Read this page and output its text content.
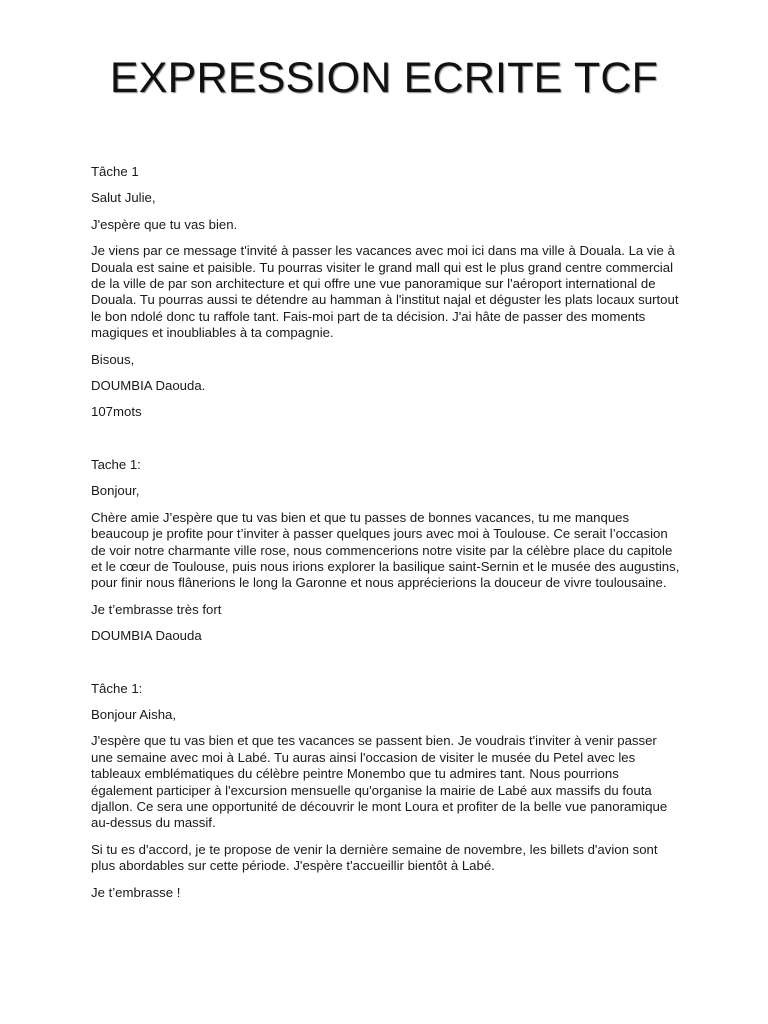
EXPRESSION ECRITE TCF

Tâche 1

Salut Julie,

J'espère que tu vas bien.

Je viens par ce message t'invité à passer les vacances avec moi ici dans ma ville à Douala. La vie à Douala est saine et paisible. Tu pourras visiter le grand mall qui est le plus grand centre commercial de la ville de par son architecture et qui offre une vue panoramique sur l'aéroport international de Douala. Tu pourras aussi te détendre au hamman à l'institut najal et déguster les plats locaux surtout le bon ndolé donc tu raffole tant. Fais-moi part de ta décision. J'ai hâte de passer des moments magiques et inoubliables à ta compagnie.

Bisous,

DOUMBIA Daouda.

107mots

Tache 1:

Bonjour,

Chère amie J’espère que tu vas bien et que tu passes de bonnes vacances, tu me manques beaucoup je profite pour t’inviter à passer quelques jours avec moi à Toulouse. Ce serait l’occasion de voir notre charmante ville rose, nous commencerions notre visite par la célèbre place du capitole et le cœur de Toulouse, puis nous irions explorer la basilique saint-Sernin et le musée des augustins, pour finir nous flânerions le long la Garonne et nous apprécierions la douceur de vivre toulousaine.

Je t’embrasse très fort

DOUMBIA Daouda

Tâche 1:

Bonjour Aisha,

J'espère que tu vas bien et que tes vacances se passent bien. Je voudrais t'inviter à venir passer une semaine avec moi à Labé. Tu auras ainsi l'occasion de visiter le musée du Petel avec les tableaux emblématiques du célèbre peintre Monembo que tu admires tant. Nous pourrions également participer à l'excursion mensuelle qu'organise la mairie de Labé aux massifs du fouta djallon. Ce sera une opportunité de découvrir le mont Loura et profiter de la belle vue panoramique au-dessus du massif.

Si tu es d'accord, je te propose de venir la dernière semaine de novembre, les billets d'avion sont plus abordables sur cette période. J'espère t'accueillir bientôt à Labé.

Je t’embrasse !
